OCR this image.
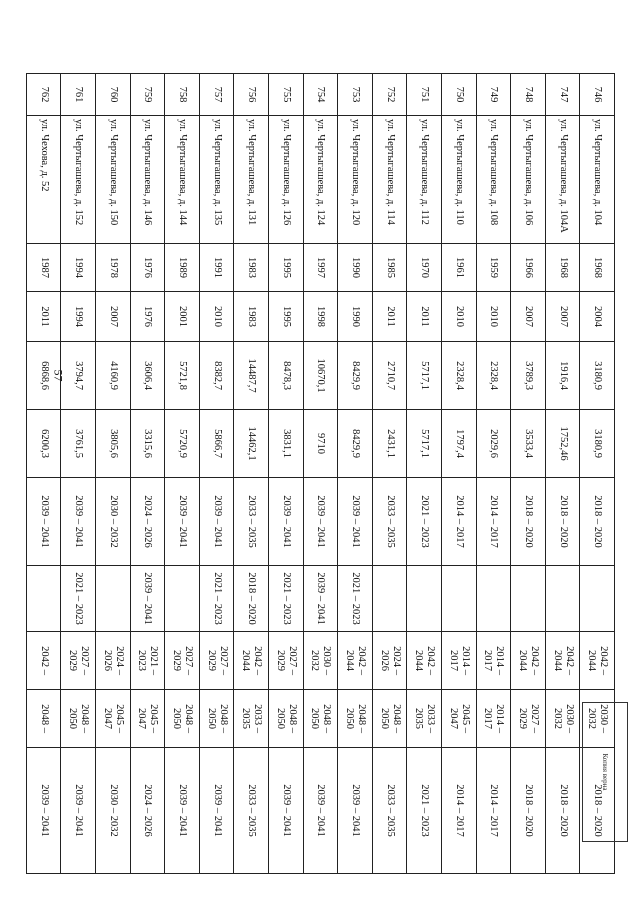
57
746	ул. Чертыгашева, д. 104	1968	2004	3180,9	3180,9	2018 – 2020		2042 – 2044	2030 – 2032	2018 – 2020
747	ул. Чертыгашева, д. 104А	1968	2007	1916,4	1752,46	2018 – 2020		2042 – 2044	2030 – 2032	2018 – 2020
748	ул. Чертыгашева, д. 106	1966	2007	3789,3	3533,4	2018 – 2020		2042 – 2044	2027 – 2029	2018 – 2020
749	ул. Чертыгашева, д. 108	1959	2010	2328,4	2029,6	2014 – 2017		2014 – 2017	2014 – 2017	2014 – 2017
750	ул. Чертыгашева, д. 110	1961	2010	2328,4	1797,4	2014 – 2017		2014 – 2017	2045 – 2047	2014 – 2017
751	ул. Чертыгашева, д. 112	1970	2011	5717,1	5717,1	2021 – 2023		2042 – 2044	2033 – 2035	2021 – 2023
752	ул. Чертыгашева, д. 114	1985	2011	2710,7	2431,1	2033 – 2035		2024 – 2026	2048 – 2050	2033 – 2035
753	ул. Чертыгашева, д. 120	1990	1990	8429,9	8429,9	2039 – 2041	2021 – 2023	2042 – 2044	2048 – 2050	2039 – 2041
754	ул. Чертыгашева, д. 124	1997	1998	10670,1	9710	2039 – 2041	2039 – 2041	2030 – 2032	2048 – 2050	2039 – 2041
755	ул. Чертыгашева, д. 126	1995	1995	8478,3	3831,1	2039 – 2041	2021 – 2023	2027 – 2029	2048 – 2050	2039 – 2041
756	ул. Чертыгашева, д. 131	1983	1983	14487,7	14462,1	2033 – 2035	2018 – 2020	2042 – 2044	2033 – 2035	2033 – 2035
757	ул. Чертыгашева, д. 135	1991	2010	8382,7	5866,7	2039 – 2041	2021 – 2023	2027 – 2029	2048 – 2050	2039 – 2041
758	ул. Чертыгашева, д. 144	1989	2001	5721,8	5720,9	2039 – 2041		2027 – 2029	2048 – 2050	2039 – 2041
759	ул. Чертыгашева, д. 146	1976	1976	3606,4	3315,6	2024 – 2026	2039 – 2041	2021 – 2023	2045 – 2047	2024 – 2026
760	ул. Чертыгашева, д. 150	1978	2007	4160,9	3805,6	2030 – 2032		2024 – 2026	2045 – 2047	2030 – 2032
761	ул. Чертыгашева, д. 152	1994	1994	3794,7	3761,5	2039 – 2041	2021 – 2023	2027 – 2029	2048 – 2050	2039 – 2041
762	ул. Чехова, д. 52	1987	2011	6868,6	6200,3	2039 – 2041		2042 –	2048 –	2039 – 2041
Копия верна
